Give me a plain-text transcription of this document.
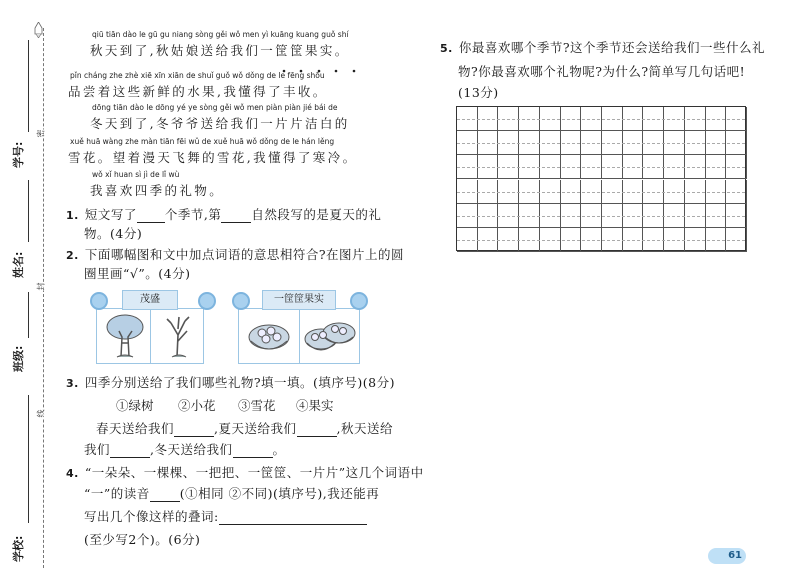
学号:
密
姓名:
封
班级:
线
学校:
qiū tiān dào le gū gu niang sòng gěi wǒ men yì kuāng kuang guǒ shí
秋天到了,秋姑娘送给我们一筐筐果实。
pǐn cháng zhe zhè xiē xīn xiān de shuǐ guǒ wǒ dǒng de le fēng shōu
品尝着这些新鲜的水果,我懂得了丰收。
dōng tiān dào le dōng yé ye sòng gěi wǒ men piàn piàn jié bái de
冬天到了,冬爷爷送给我们一片片洁白的
xuě huā wàng zhe màn tiān fēi wǔ de xuě huā wǒ dǒng de le hán lěng
雪花。望着漫天飞舞的雪花,我懂得了寒冷。
wǒ xǐ huan sì jì de lǐ wù
我喜欢四季的礼物。
1. 短文写了 个季节,第 自然段写的是夏天的礼
物。(4分)
2. 下面哪幅图和文中加点词语的意思相符合?在图片上的圆
圈里画“√”。(4分)
茂盛	一筐筐果实
3. 四季分别送给了我们哪些礼物?填一填。(填序号)(8分)
①绿树 ②小花 ③雪花 ④果实
春天送给我们	,夏天送给我们	,秋天送给
我们	,冬天送给我们	。
4. “一朵朵、一棵棵、一把把、一筐筐、一片片”这几个词语中
“一”的读音 (①相同 ②不同)(填序号),我还能再
写出几个像这样的叠词:
(至少写2个)。(6分)
5. 你最喜欢哪个季节?这个季节还会送给我们一些什么礼
物?你最喜欢哪个礼物呢?为什么?简单写几句话吧!
(13分)
61
